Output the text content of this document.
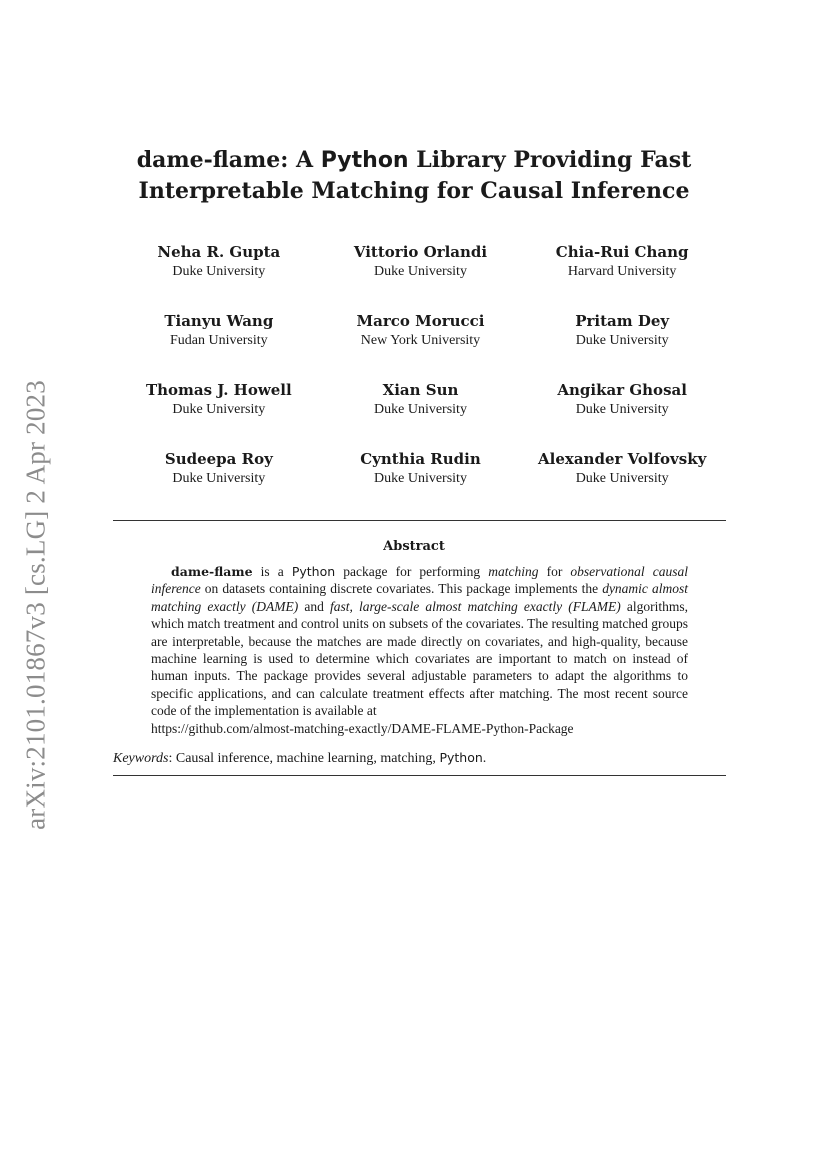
arXiv:2101.01867v3 [cs.LG] 2 Apr 2023
dame-flame: A Python Library Providing Fast
Interpretable Matching for Causal Inference
Neha R. Gupta
Duke University
Vittorio Orlandi
Duke University
Chia-Rui Chang
Harvard University
Tianyu Wang
Fudan University
Marco Morucci
New York University
Pritam Dey
Duke University
Thomas J. Howell
Duke University
Xian Sun
Duke University
Angikar Ghosal
Duke University
Sudeepa Roy
Duke University
Cynthia Rudin
Duke University
Alexander Volfovsky
Duke University
Abstract

dame-flame is a Python package for performing matching for observational causal inference on datasets containing discrete covariates. This package implements the dynamic almost matching exactly (DAME) and fast, large-scale almost matching exactly (FLAME) algorithms, which match treatment and control units on subsets of the covariates. The resulting matched groups are interpretable, because the matches are made directly on covariates, and high-quality, because machine learning is used to determine which covariates are important to match on instead of human inputs. The package provides several adjustable parameters to adapt the algorithms to specific applications, and can calculate treatment effects after matching. The most recent source code of the implementation is available at
https://github.com/almost-matching-exactly/DAME-FLAME-Python-Package

Keywords: Causal inference, machine learning, matching, Python.
